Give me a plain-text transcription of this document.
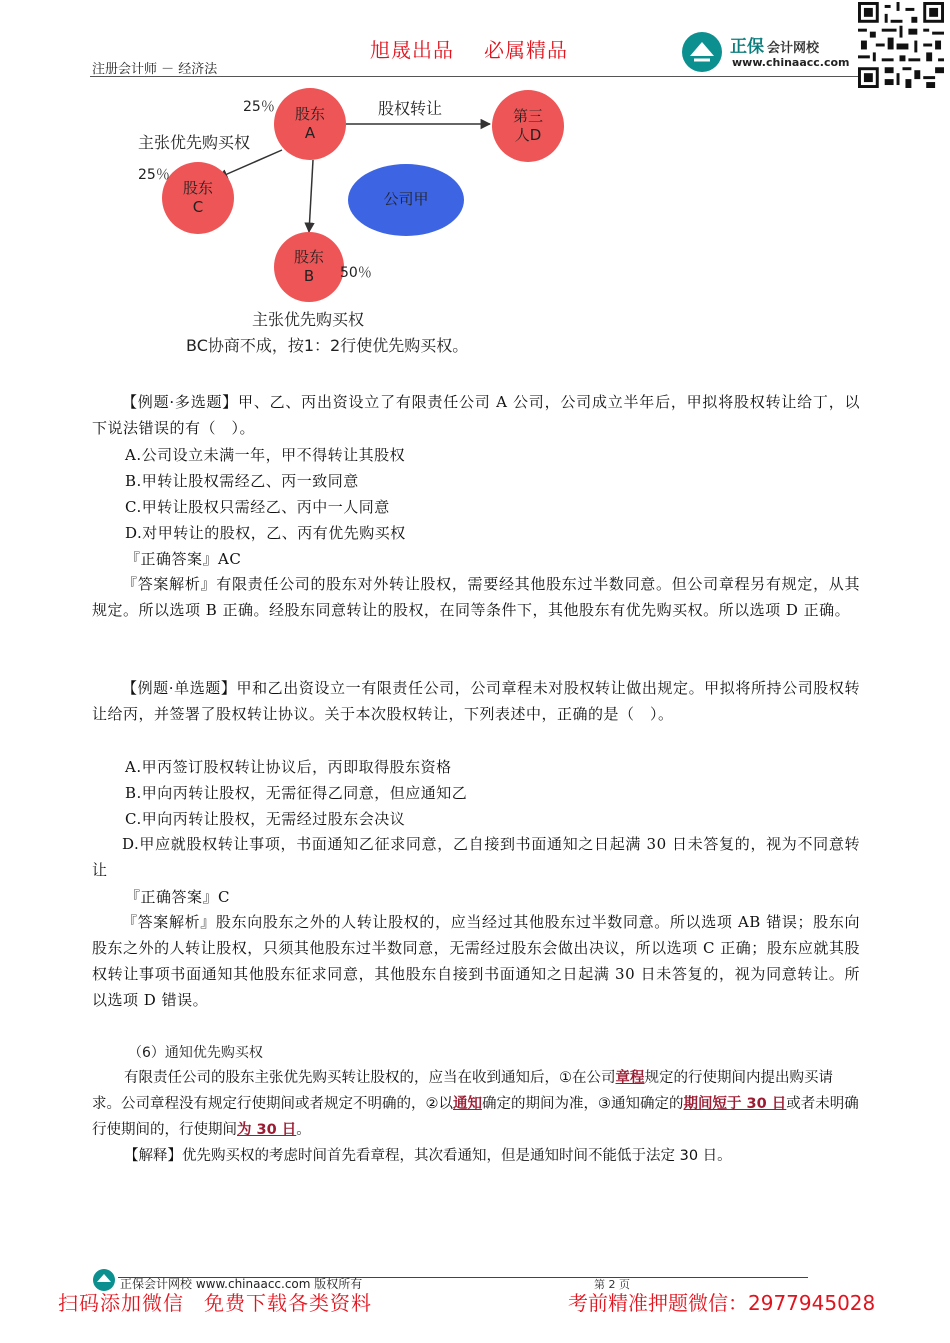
旭晟出品 必属精品
注册会计师 － 经济法
正保 会计网校
www.chinaacc.com
股东
A
第三
人D
股东
C
股东
B
公司甲
25％
25％
50％
股权转让
主张优先购买权
主张优先购买权
BC协商不成，按1：2行使优先购买权。
【例题·多选题】甲、乙、丙出资设立了有限责任公司 A 公司，公司成立半年后，甲拟将股权转让给丁，以下说法错误的有（　）。
A.公司设立未满一年，甲不得转让其股权
B.甲转让股权需经乙、丙一致同意
C.甲转让股权只需经乙、丙中一人同意
D.对甲转让的股权，乙、丙有优先购买权
『正确答案』AC
『答案解析』有限责任公司的股东对外转让股权，需要经其他股东过半数同意。但公司章程另有规定，从其规定。所以选项 B 正确。经股东同意转让的股权，在同等条件下，其他股东有优先购买权。所以选项 D 正确。
【例题·单选题】甲和乙出资设立一有限责任公司，公司章程未对股权转让做出规定。甲拟将所持公司股权转让给丙，并签署了股权转让协议。关于本次股权转让，下列表述中，正确的是（　）。
A.甲丙签订股权转让协议后，丙即取得股东资格
B.甲向丙转让股权，无需征得乙同意，但应通知乙
C.甲向丙转让股权，无需经过股东会决议
D.甲应就股权转让事项，书面通知乙征求同意，乙自接到书面通知之日起满 30 日未答复的，视为不同意转让
『正确答案』C
『答案解析』股东向股东之外的人转让股权的，应当经过其他股东过半数同意。所以选项 AB 错误；股东向股东之外的人转让股权，只须其他股东过半数同意，无需经过股东会做出决议，所以选项 C 正确；股东应就其股权转让事项书面通知其他股东征求同意，其他股东自接到书面通知之日起满 30 日未答复的，视为同意转让。所以选项 D 错误。
（6）通知优先购买权
有限责任公司的股东主张优先购买转让股权的，应当在收到通知后，①在公司章程规定的行使期间内提出购买请求。公司章程没有规定行使期间或者规定不明确的，②以通知确定的期间为准，③通知确定的期间短于 30 日或者未明确行使期间的，行使期间为 30 日。
【解释】优先购买权的考虑时间首先看章程，其次看通知，但是通知时间不能低于法定 30 日。
正保会计网校 www.chinaacc.com 版权所有	第 2 页
扫码添加微信 免费下载各类资料	考前精准押题微信：2977945028
